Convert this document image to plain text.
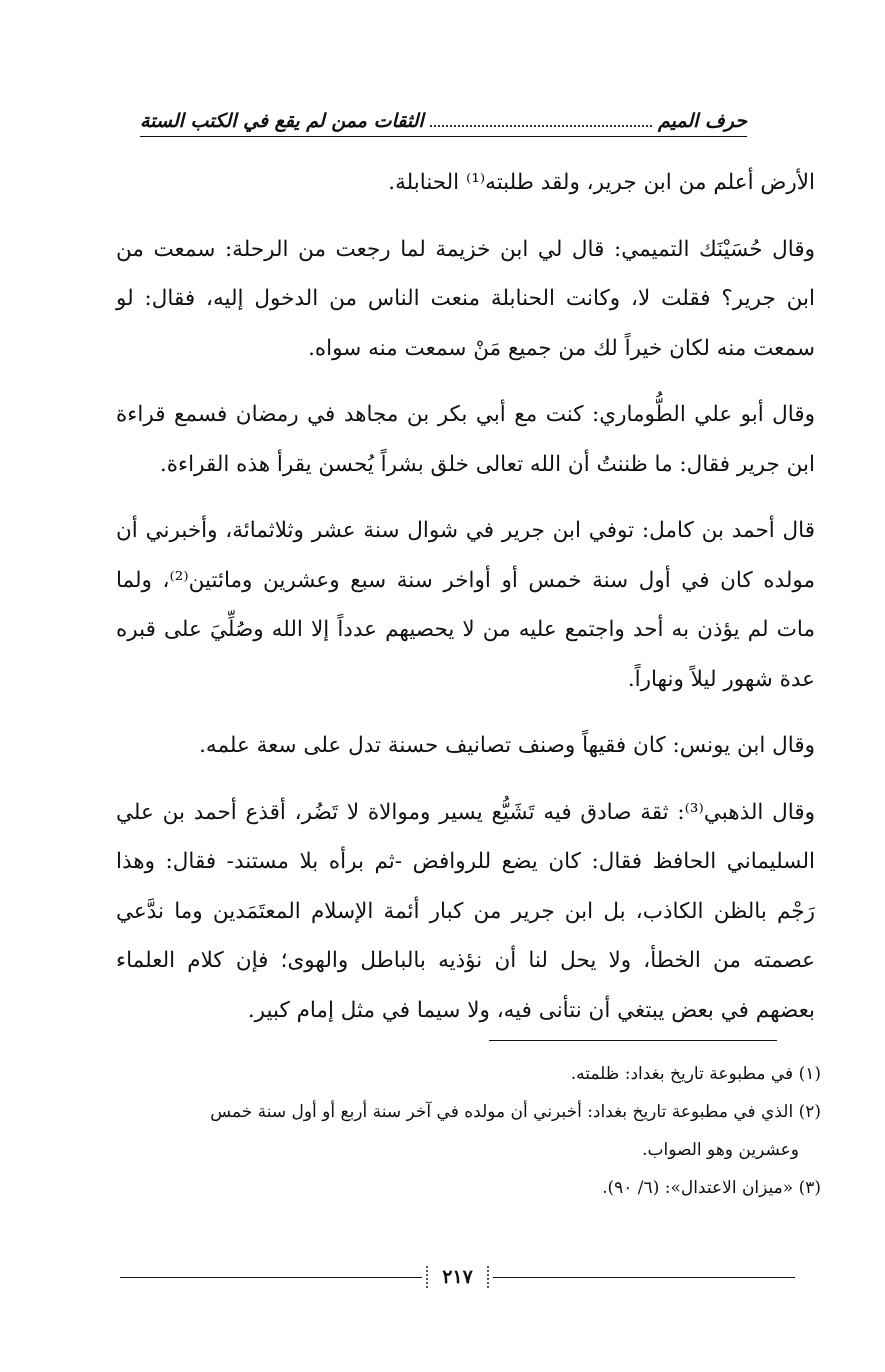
حرف الميم
الثقات ممن لم يقع في الكتب الستة

الأرض أعلم من ابن جرير، ولقد طلبته⁽¹⁾ الحنابلة.

وقال حُسَيْنَك التميمي: قال لي ابن خزيمة لما رجعت من الرحلة: سمعت من ابن جرير؟ فقلت لا، وكانت الحنابلة منعت الناس من الدخول إليه، فقال: لو سمعت منه لكان خيراً لك من جميع مَنْ سمعت منه سواه.

وقال أبو علي الطُّوماري: كنت مع أبي بكر بن مجاهد في رمضان فسمع قراءة ابن جرير فقال: ما ظننتُ أن الله تعالى خلق بشراً يُحسن يقرأ هذه القراءة.

قال أحمد بن كامل: توفي ابن جرير في شوال سنة عشر وثلاثمائة، وأخبرني أن مولده كان في أول سنة خمس أو أواخر سنة سبع وعشرين ومائتين⁽²⁾، ولما مات لم يؤذن به أحد واجتمع عليه من لا يحصيهم عدداً إلا الله وصُلِّيَ على قبره عدة شهور ليلاً ونهاراً.

وقال ابن يونس: كان فقيهاً وصنف تصانيف حسنة تدل على سعة علمه.

وقال الذهبي⁽³⁾: ثقة صادق فيه تَشَيُّع يسير وموالاة لا تَضُر، أقذع أحمد بن علي السليماني الحافظ فقال: كان يضع للروافض -ثم برأه بلا مستند- فقال: وهذا رَجْم بالظن الكاذب، بل ابن جرير من كبار أئمة الإسلام المعتَمَدين وما ندَّعي عصمته من الخطأ، ولا يحل لنا أن نؤذيه بالباطل والهوى؛ فإن كلام العلماء بعضهم في بعض يبتغي أن نتأنى فيه، ولا سيما في مثل إمام كبير.

(١) في مطبوعة تاريخ بغداد: ظلمته.

(٢) الذي في مطبوعة تاريخ بغداد: أخبرني أن مولده في آخر سنة أربع أو أول سنة خمس

وعشرين وهو الصواب.

(٣) «ميزان الاعتدال»: (٦/ ٩٠).

٢١٧
